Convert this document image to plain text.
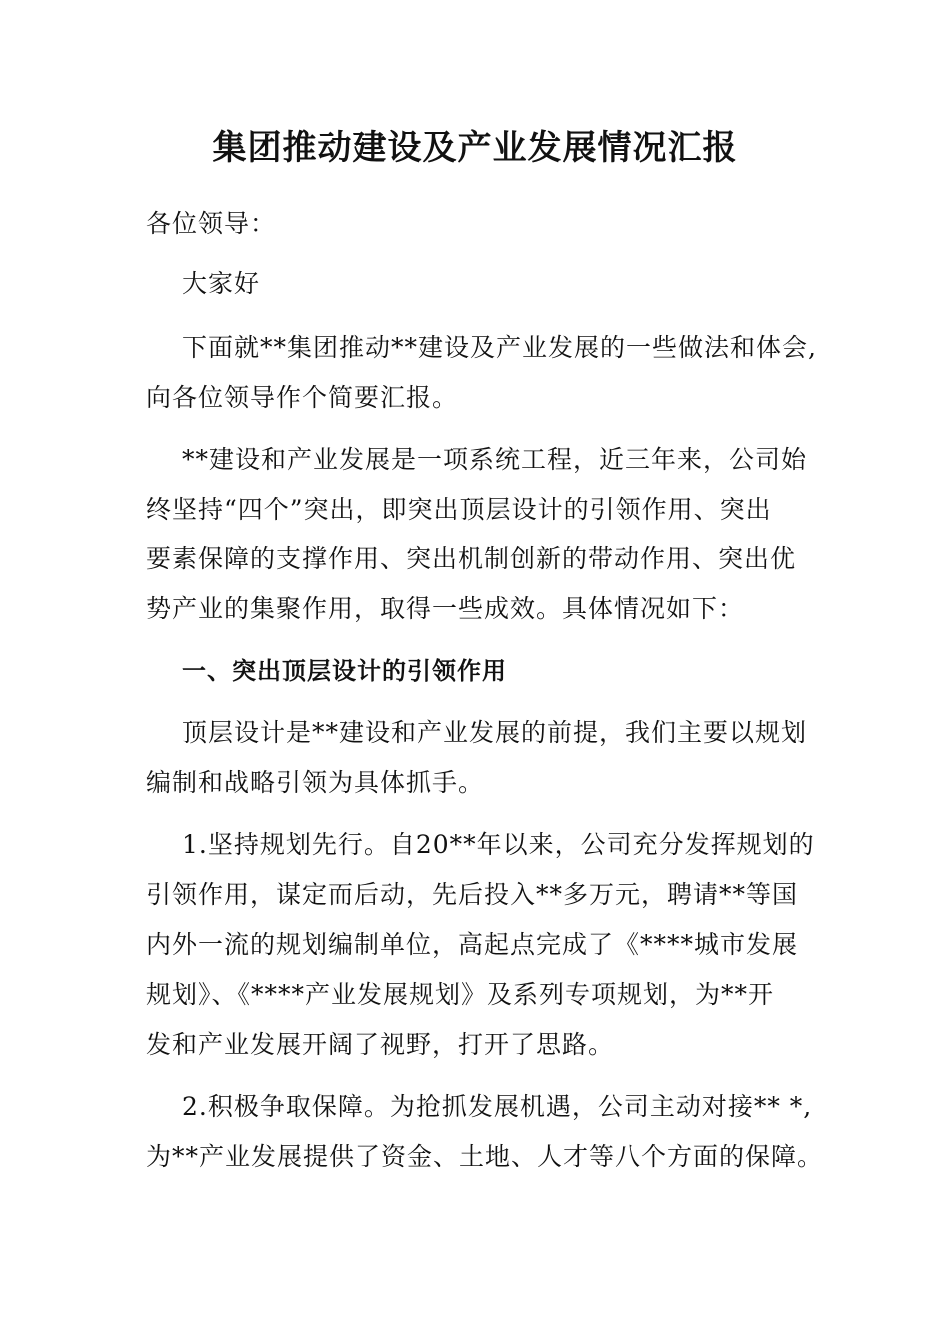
集团推动建设及产业发展情况汇报
各位领导：
大家好
下面就**集团推动**建设及产业发展的一些做法和体会,
向各位领导作个简要汇报。
**建设和产业发展是一项系统工程，近三年来，公司始
终坚持“四个”突出，即突出顶层设计的引领作用、突出
要素保障的支撑作用、突出机制创新的带动作用、突出优
势产业的集聚作用，取得一些成效。具体情况如下：
一、突出顶层设计的引领作用
顶层设计是**建设和产业发展的前提，我们主要以规划
编制和战略引领为具体抓手。
1.坚持规划先行。自20**年以来，公司充分发挥规划的
引领作用，谋定而后动，先后投入**多万元，聘请**等国
内外一流的规划编制单位，高起点完成了《****城市发展
规划》、《****产业发展规划》及系列专项规划，为**开
发和产业发展开阔了视野，打开了思路。
2.积极争取保障。为抢抓发展机遇，公司主动对接** *,
为**产业发展提供了资金、土地、人才等八个方面的保障。
